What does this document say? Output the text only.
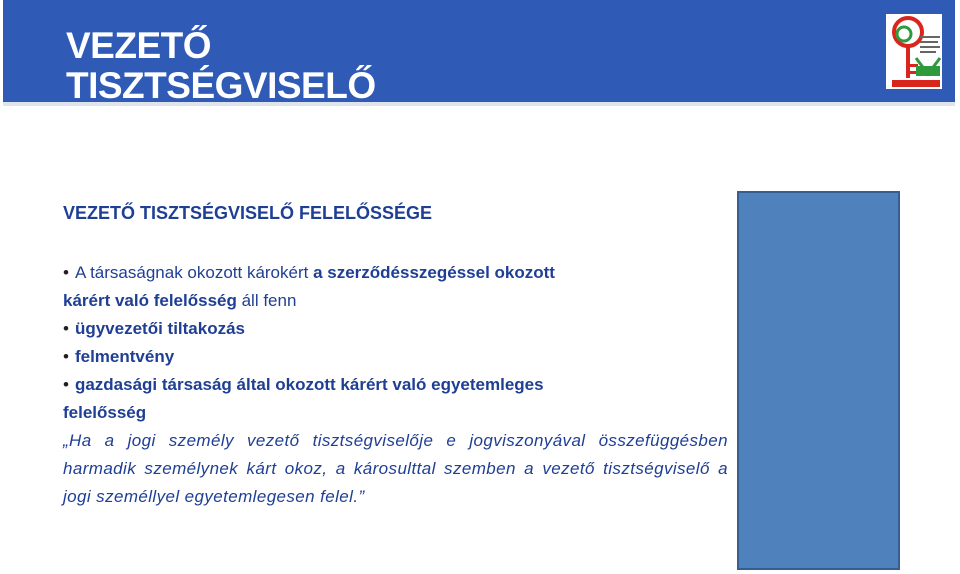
VEZETŐ
TISZTSÉGVISELŐ
VEZETŐ TISZTSÉGVISELŐ FELELŐSSÉGE
• A társaságnak okozott károkért a szerződésszegéssel okozott
kárért való felelősség áll fenn
• ügyvezetői tiltakozás
• felmentvény
• gazdasági társaság által okozott kárért való egyetemleges
felelősség
„Ha a jogi személy vezető tisztségviselője e jogviszonyával összefüggésben harmadik személynek kárt okoz, a károsulttal szemben a vezető tisztségviselő a jogi személlyel egyetemlegesen felel.”
